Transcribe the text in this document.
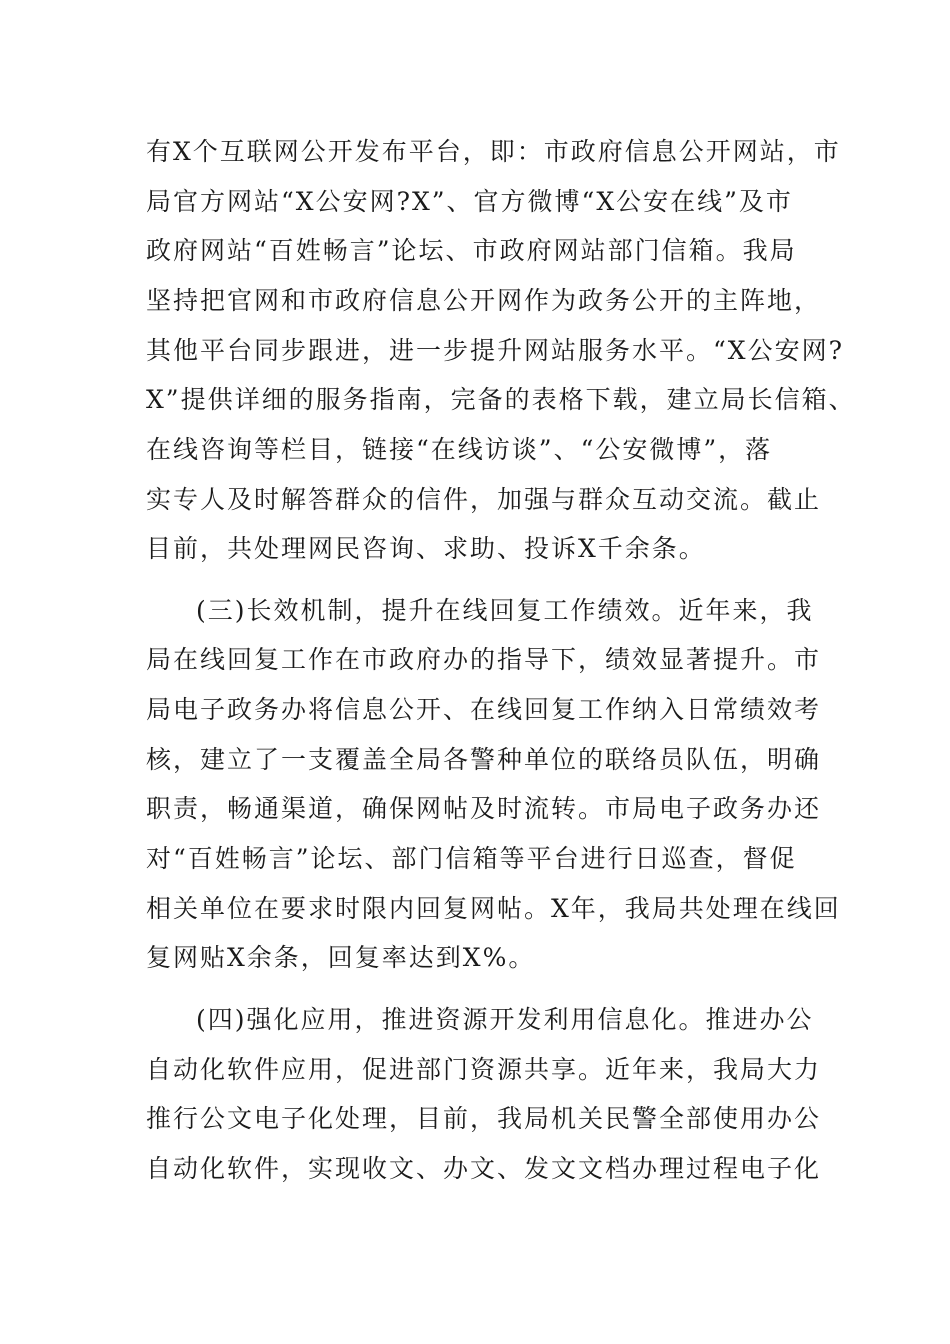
有X个互联网公开发布平台，即：市政府信息公开网站，市
局官方网站“X公安网?X”、官方微博“X公安在线”及市
政府网站“百姓畅言”论坛、市政府网站部门信箱。我局
坚持把官网和市政府信息公开网作为政务公开的主阵地，
其他平台同步跟进，进一步提升网站服务水平。“X公安网?
X”提供详细的服务指南，完备的表格下载，建立局长信箱、
在线咨询等栏目，链接“在线访谈”、“公安微博”，落
实专人及时解答群众的信件，加强与群众互动交流。截止
目前，共处理网民咨询、求助、投诉X千余条。
(三)长效机制，提升在线回复工作绩效。近年来，我
局在线回复工作在市政府办的指导下，绩效显著提升。市
局电子政务办将信息公开、在线回复工作纳入日常绩效考
核，建立了一支覆盖全局各警种单位的联络员队伍，明确
职责，畅通渠道，确保网帖及时流转。市局电子政务办还
对“百姓畅言”论坛、部门信箱等平台进行日巡查，督促
相关单位在要求时限内回复网帖。X年，我局共处理在线回
复网贴X余条，回复率达到X%。
(四)强化应用，推进资源开发利用信息化。推进办公
自动化软件应用，促进部门资源共享。近年来，我局大力
推行公文电子化处理，目前，我局机关民警全部使用办公
自动化软件，实现收文、办文、发文文档办理过程电子化
